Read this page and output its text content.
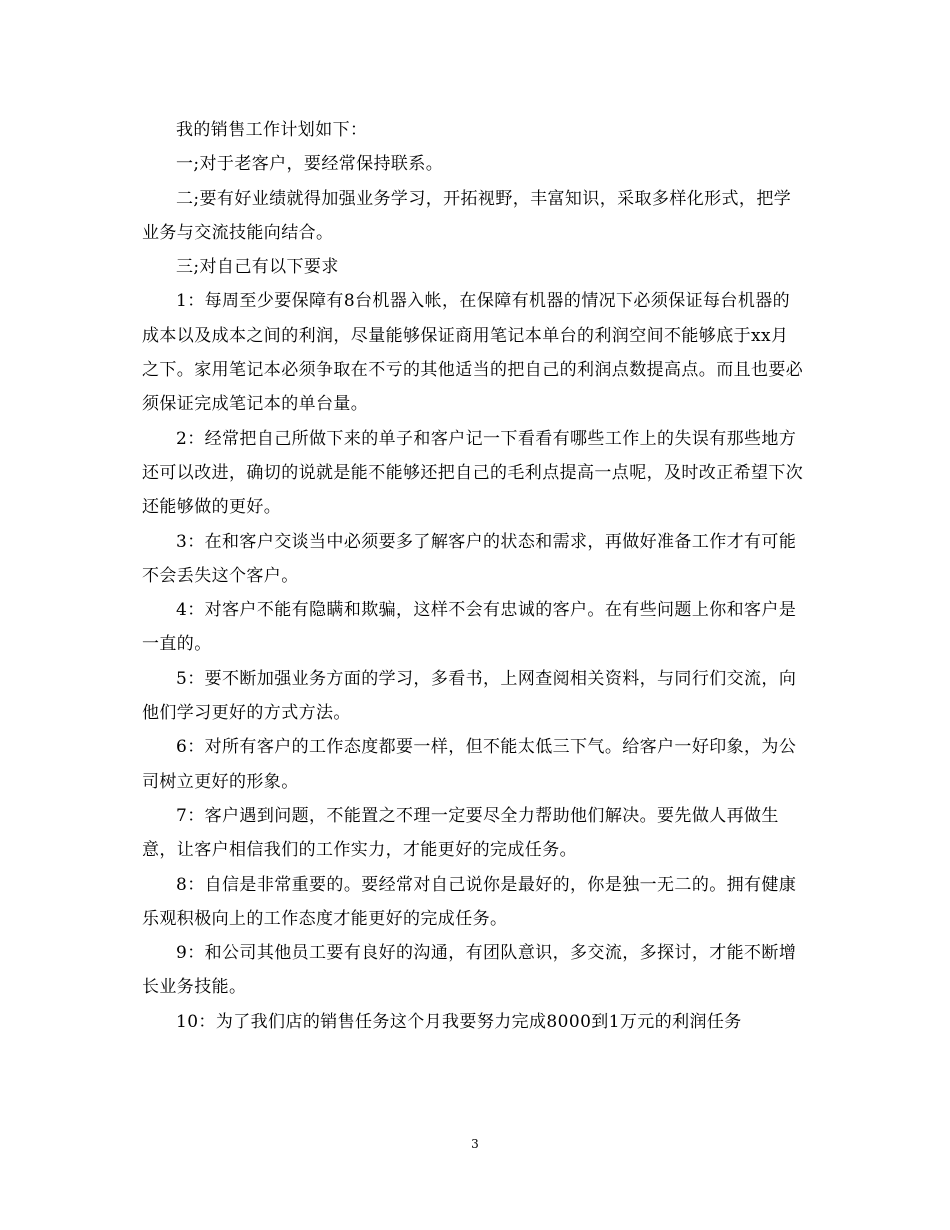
我的销售工作计划如下：

一;对于老客户，要经常保持联系。

二;要有好业绩就得加强业务学习，开拓视野，丰富知识，采取多样化形式，把学业务与交流技能向结合。

三;对自己有以下要求

1：每周至少要保障有8台机器入帐，在保障有机器的情况下必须保证每台机器的成本以及成本之间的利润，尽量能够保证商用笔记本单台的利润空间不能够底于xx月之下。家用笔记本必须争取在不亏的其他适当的把自己的利润点数提高点。而且也要必须保证完成笔记本的单台量。

2：经常把自己所做下来的单子和客户记一下看看有哪些工作上的失误有那些地方还可以改进，确切的说就是能不能够还把自己的毛利点提高一点呢，及时改正希望下次还能够做的更好。

3：在和客户交谈当中必须要多了解客户的状态和需求，再做好准备工作才有可能不会丢失这个客户。

4：对客户不能有隐瞒和欺骗，这样不会有忠诚的客户。在有些问题上你和客户是一直的。

5：要不断加强业务方面的学习，多看书，上网查阅相关资料，与同行们交流，向他们学习更好的方式方法。

6：对所有客户的工作态度都要一样，但不能太低三下气。给客户一好印象，为公司树立更好的形象。

7：客户遇到问题，不能置之不理一定要尽全力帮助他们解决。要先做人再做生意，让客户相信我们的工作实力，才能更好的完成任务。

8：自信是非常重要的。要经常对自己说你是最好的，你是独一无二的。拥有健康乐观积极向上的工作态度才能更好的完成任务。

9：和公司其他员工要有良好的沟通，有团队意识，多交流，多探讨，才能不断增长业务技能。

10：为了我们店的销售任务这个月我要努力完成8000到1万元的利润任务

3
